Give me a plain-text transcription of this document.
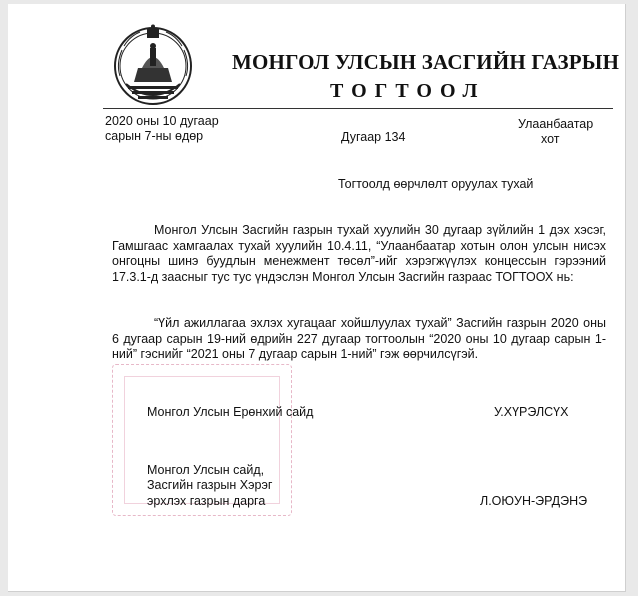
МОНГОЛ УЛСЫН ЗАСГИЙН ГАЗРЫН
ТОГТООЛ
2020 оны 10 дугаар
сарын 7-ны өдөр	Дугаар 134
Улаанбаатар
хот
Тогтоолд өөрчлөлт оруулах тухай
Монгол Улсын Засгийн газрын тухай хуулийн 30 дугаар зүйлийн 1 дэх хэсэг, Гамшгаас хамгаалах тухай хуулийн 10.4.11, “Улаанбаатар хотын олон улсын нисэх онгоцны шинэ буудлын менежмент төсөл”-ийг хэрэгжүүлэх концессын гэрээний 17.3.1-д заасныг тус тус үндэслэн Монгол Улсын Засгийн газраас ТОГТООХ нь:
“Үйл ажиллагаа эхлэх хугацааг хойшлуулах тухай” Засгийн газрын 2020 оны 6 дугаар сарын 19-ний өдрийн 227 дугаар тогтоолын “2020 оны 10 дугаар сарын 1-ний” гэснийг “2021 оны 7 дугаар сарын 1-ний” гэж өөрчилсүгэй.
Монгол Улсын Ерөнхий сайд	У.ХҮРЭЛСҮХ
Монгол Улсын сайд,
Засгийн газрын Хэрэг
эрхлэх газрын дарга	Л.ОЮУН-ЭРДЭНЭ
